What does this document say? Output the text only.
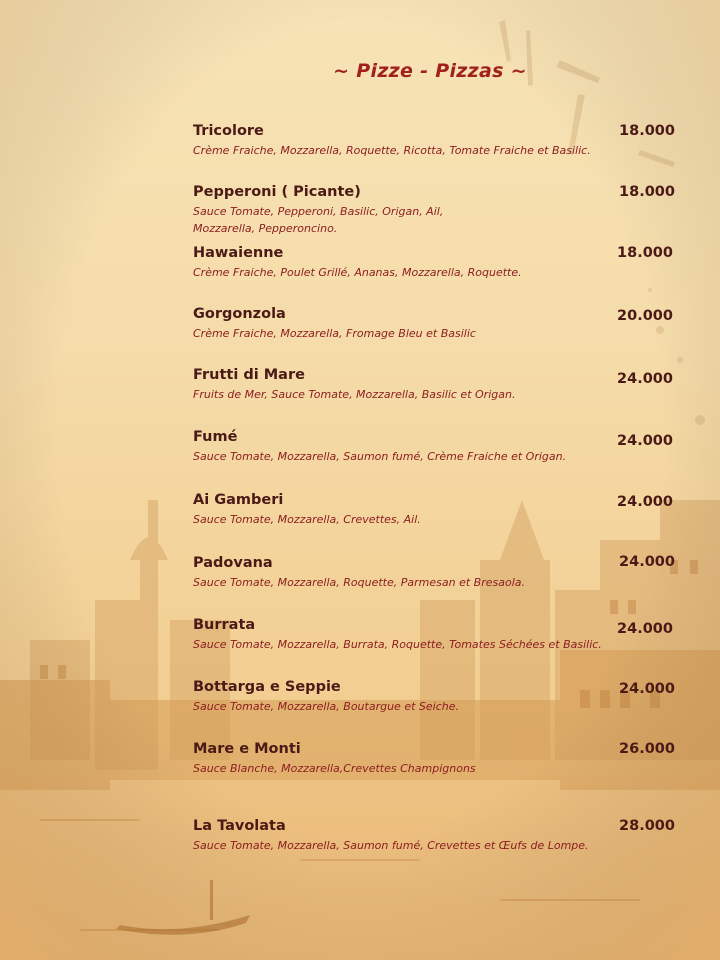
~ Pizze - Pizzas ~
Tricolore	18.000
Crème Fraiche, Mozzarella, Roquette, Ricotta, Tomate Fraiche et Basilic.
Pepperoni ( Picante)	18.000
Sauce Tomate, Pepperoni, Basilic, Origan, Ail,
Mozzarella, Pepperoncino.
Hawaienne	18.000
Crème Fraiche, Poulet Grillé, Ananas, Mozzarella, Roquette.
Gorgonzola	20.000
Crème Fraiche, Mozzarella, Fromage Bleu et Basilic
Frutti di Mare	24.000
Fruits de Mer, Sauce Tomate, Mozzarella, Basilic et Origan.
Fumé	24.000
Sauce Tomate, Mozzarella, Saumon fumé, Crème Fraiche et Origan.
Ai Gamberi	24.000
Sauce Tomate, Mozzarella, Crevettes, Ail.
Padovana	24.000
Sauce Tomate, Mozzarella, Roquette, Parmesan et Bresaola.
Burrata	24.000
Sauce Tomate, Mozzarella, Burrata, Roquette, Tomates Séchées et Basilic.
Bottarga e Seppie	24.000
Sauce Tomate, Mozzarella, Boutargue et Seiche.
Mare e Monti	26.000
Sauce Blanche, Mozzarella,Crevettes Champignons
La Tavolata	28.000
Sauce Tomate, Mozzarella, Saumon fumé, Crevettes et Œufs de Lompe.
